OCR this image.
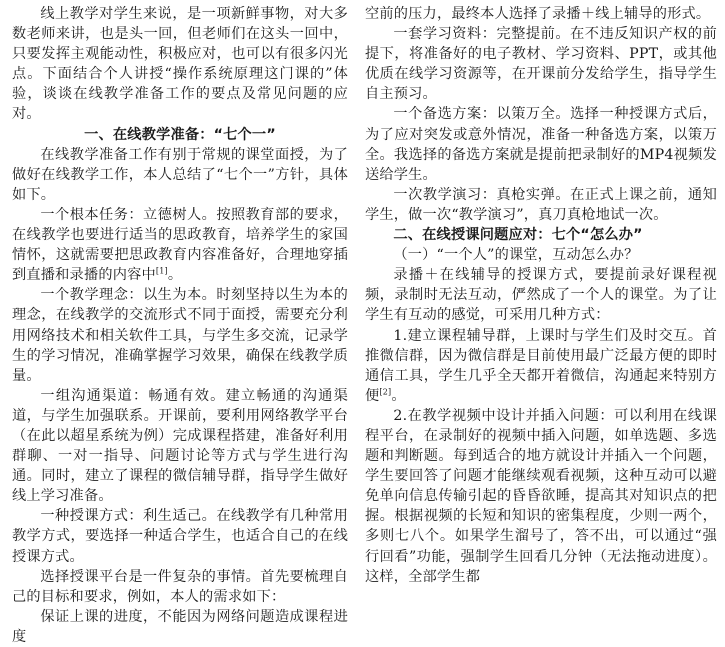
线上教学对学生来说，是一项新鲜事物，对大多数老师来讲，也是头一回，但老师们在这头一回中，只要发挥主观能动性，积极应对，也可以有很多闪光点。下面结合个人讲授“操作系统原理这门课的”体验，谈谈在线教学准备工作的要点及常见问题的应对。

一、在线教学准备：“七个一”

在线教学准备工作有别于常规的课堂面授，为了做好在线教学工作，本人总结了“七个一”方针，具体如下。

一个根本任务：立德树人。按照教育部的要求，在线教学也要进行适当的思政教育，培养学生的家国情怀，这就需要把思政教育内容准备好，合理地穿插到直播和录播的内容中[1]。

一个教学理念：以生为本。时刻坚持以生为本的理念，在线教学的交流形式不同于面授，需要充分利用网络技术和相关软件工具，与学生多交流，记录学生的学习情况，准确掌握学习效果，确保在线教学质量。

一组沟通渠道：畅通有效。建立畅通的沟通渠道，与学生加强联系。开课前，要利用网络教学平台（在此以超星系统为例）完成课程搭建，准备好利用群聊、一对一指导、问题讨论等方式与学生进行沟通。同时，建立了课程的微信辅导群，指导学生做好线上学习准备。

一种授课方式：利生适己。在线教学有几种常用教学方式，要选择一种适合学生，也适合自己的在线授课方式。

选择授课平台是一件复杂的事情。首先要梳理自己的目标和要求，例如，本人的需求如下：

保证上课的进度，不能因为网络问题造成课程进度

空前的压力，最终本人选择了录播＋线上辅导的形式。

一套学习资料：完整提前。在不违反知识产权的前提下，将准备好的电子教材、学习资料、PPT，或其他优质在线学习资源等，在开课前分发给学生，指导学生自主预习。

一个备选方案：以策万全。选择一种授课方式后，为了应对突发或意外情况，准备一种备选方案，以策万全。我选择的备选方案就是提前把录制好的MP4视频发送给学生。

一次教学演习：真枪实弹。在正式上课之前，通知学生，做一次“教学演习”，真刀真枪地试一次。

二、在线授课问题应对：七个“怎么办”

（一）“一个人”的课堂，互动怎么办？

录播＋在线辅导的授课方式，要提前录好课程视频，录制时无法互动，俨然成了一个人的课堂。为了让学生有互动的感觉，可采用几种方式：

1.建立课程辅导群，上课时与学生们及时交互。首推微信群，因为微信群是目前使用最广泛最方便的即时通信工具，学生几乎全天都开着微信，沟通起来特别方便[2]。

2.在教学视频中设计并插入问题：可以利用在线课程平台，在录制好的视频中插入问题，如单选题、多选题和判断题。每到适合的地方就设计并插入一个问题，学生要回答了问题才能继续观看视频，这种互动可以避免单向信息传输引起的昏昏欲睡，提高其对知识点的把握。根据视频的长短和知识的密集程度，少则一两个，多则七八个。如果学生溜号了，答不出，可以通过“强行回看”功能，强制学生回看几分钟（无法拖动进度）。这样，全部学生都
